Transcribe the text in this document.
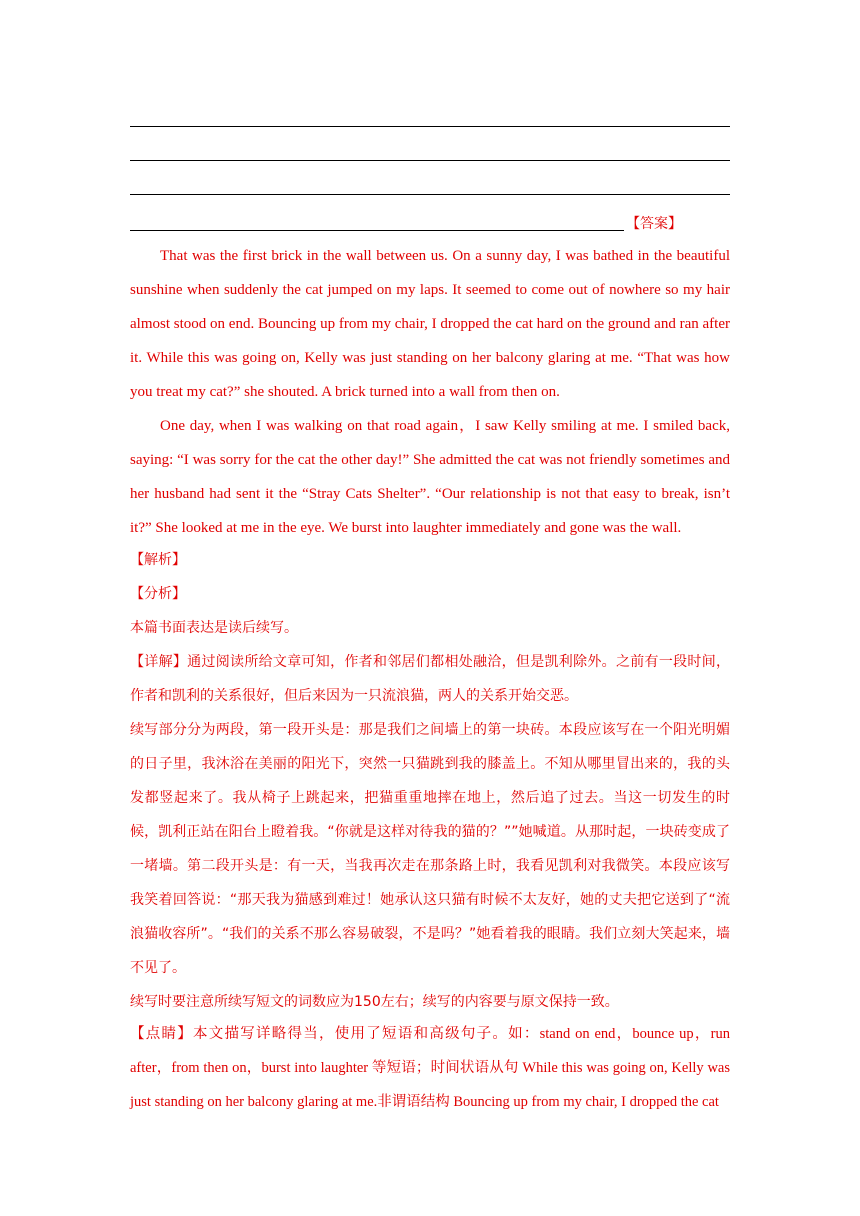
【答案】

That was the first brick in the wall between us. On a sunny day, I was bathed in the beautiful sunshine when suddenly the cat jumped on my laps. It seemed to come out of nowhere so my hair almost stood on end. Bouncing up from my chair, I dropped the cat hard on the ground and ran after it. While this was going on, Kelly was just standing on her balcony glaring at me. “That was how you treat my cat?” she shouted. A brick turned into a wall from then on.

One day, when I was walking on that road again，I saw Kelly smiling at me. I smiled back, saying: “I was sorry for the cat the other day!” She admitted the cat was not friendly sometimes and her husband had sent it the “Stray Cats Shelter”. “Our relationship is not that easy to break, isn’t it?” She looked at me in the eye. We burst into laughter immediately and gone was the wall.

【解析】

【分析】

本篇书面表达是读后续写。

【详解】通过阅读所给文章可知，作者和邻居们都相处融洽，但是凯利除外。之前有一段时间，作者和凯利的关系很好，但后来因为一只流浪猫，两人的关系开始交恶。

续写部分分为两段，第一段开头是：那是我们之间墙上的第一块砖。本段应该写在一个阳光明媚的日子里，我沐浴在美丽的阳光下，突然一只猫跳到我的膝盖上。不知从哪里冒出来的，我的头发都竖起来了。我从椅子上跳起来，把猫重重地摔在地上，然后追了过去。当这一切发生的时候，凯利正站在阳台上瞪着我。“你就是这样对待我的猫的？””她喊道。从那时起，一块砖变成了一堵墙。第二段开头是：有一天，当我再次走在那条路上时，我看见凯利对我微笑。本段应该写我笑着回答说：“那天我为猫感到难过！她承认这只猫有时候不太友好，她的丈夫把它送到了“流浪猫收容所”。“我们的关系不那么容易破裂，不是吗？”她看着我的眼睛。我们立刻大笑起来，墙不见了。

续写时要注意所续写短文的词数应为150左右；续写的内容要与原文保持一致。

【点睛】本文描写详略得当，使用了短语和高级句子。如：stand on end，bounce up，run after，from then on，burst into laughter 等短语；时间状语从句 While this was going on, Kelly was just standing on her balcony glaring at me.非谓语结构 Bouncing up from my chair, I dropped the cat
